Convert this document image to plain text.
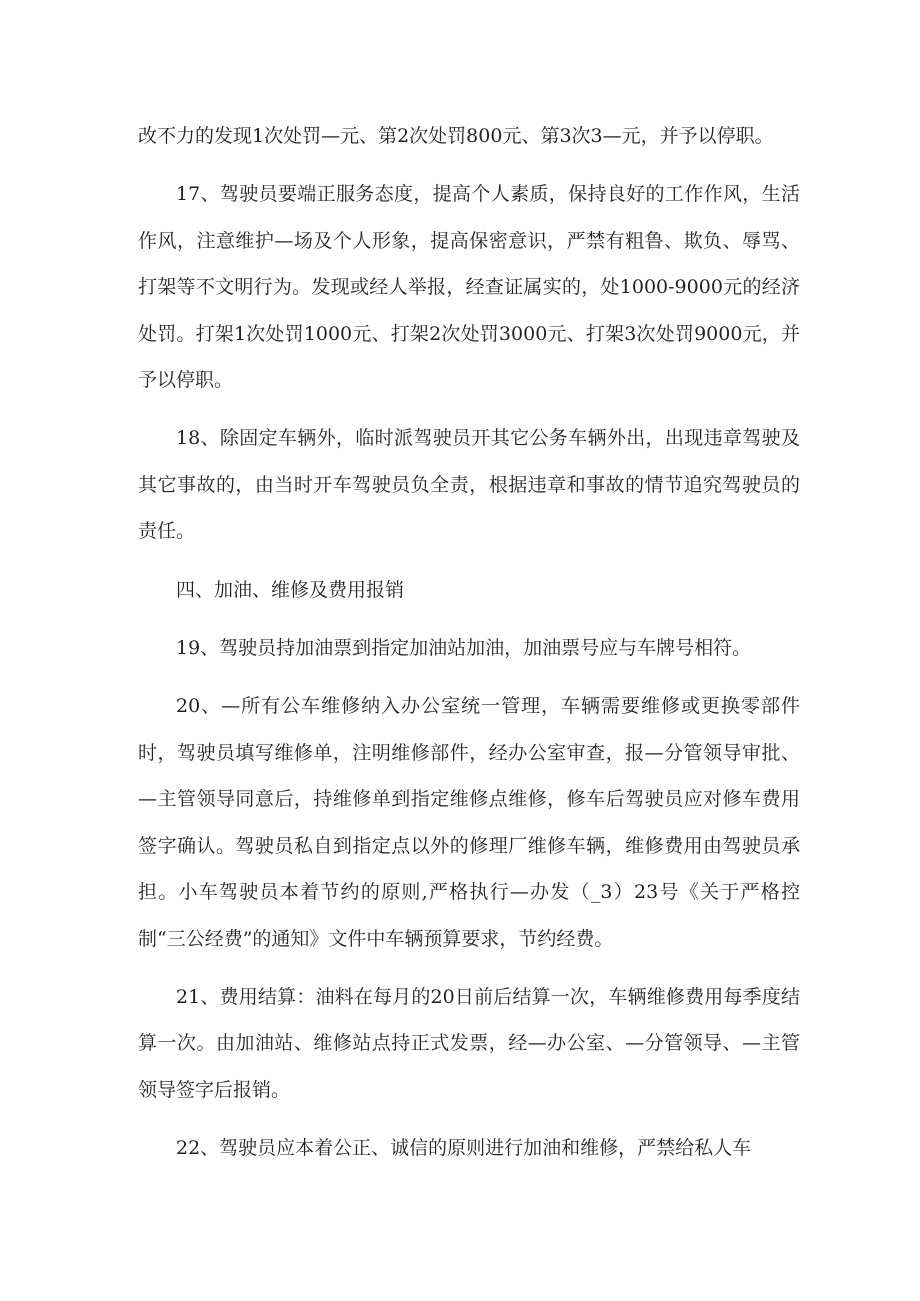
改不力的发现1次处罚—元、第2次处罚800元、第3次3—元，并予以停职。

17、驾驶员要端正服务态度，提高个人素质，保持良好的工作作风，生活作风，注意维护—场及个人形象，提高保密意识，严禁有粗鲁、欺负、辱骂、打架等不文明行为。发现或经人举报，经查证属实的，处1000-9000元的经济处罚。打架1次处罚1000元、打架2次处罚3000元、打架3次处罚9000元，并予以停职。

18、除固定车辆外，临时派驾驶员开其它公务车辆外出，出现违章驾驶及其它事故的，由当时开车驾驶员负全责，根据违章和事故的情节追究驾驶员的责任。

四、加油、维修及费用报销

19、驾驶员持加油票到指定加油站加油，加油票号应与车牌号相符。

20、—所有公车维修纳入办公室统一管理，车辆需要维修或更换零部件时，驾驶员填写维修单，注明维修部件，经办公室审查，报—分管领导审批、—主管领导同意后，持维修单到指定维修点维修，修车后驾驶员应对修车费用签字确认。驾驶员私自到指定点以外的修理厂维修车辆，维修费用由驾驶员承担。小车驾驶员本着节约的原则,严格执行—办发（_3）23号《关于严格控制“三公经费”的通知》文件中车辆预算要求，节约经费。

21、费用结算：油料在每月的20日前后结算一次，车辆维修费用每季度结算一次。由加油站、维修站点持正式发票，经—办公室、—分管领导、—主管领导签字后报销。

22、驾驶员应本着公正、诚信的原则进行加油和维修，严禁给私人车
